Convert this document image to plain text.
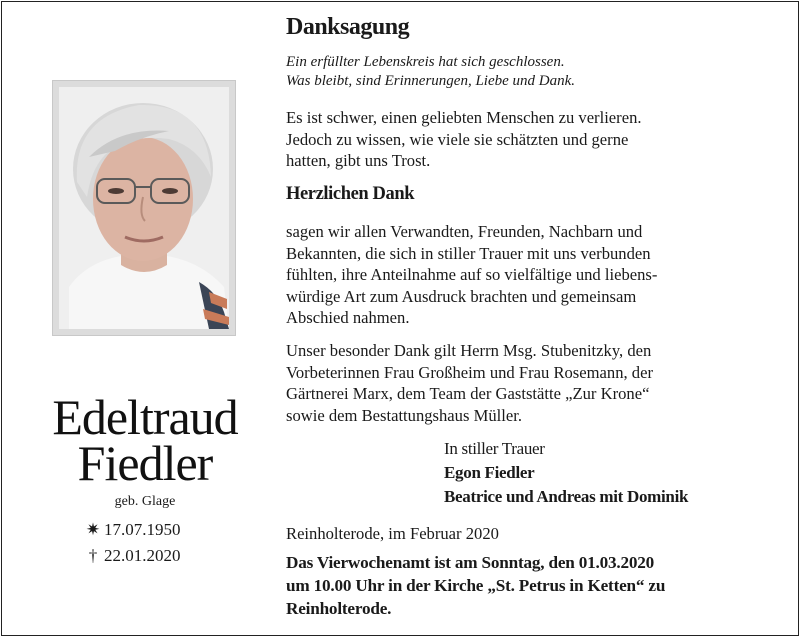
Edeltraud
Fiedler
geb. Glage
✷ 17.07.1950
† 22.01.2020
Danksagung
Ein erfüllter Lebenskreis hat sich geschlossen.
Was bleibt, sind Erinnerungen, Liebe und Dank.
Es ist schwer, einen geliebten Menschen zu verlieren.
Jedoch zu wissen, wie viele sie schätzten und gerne
hatten, gibt uns Trost.
Herzlichen Dank
sagen wir allen Verwandten, Freunden, Nachbarn und
Bekannten, die sich in stiller Trauer mit uns verbunden
fühlten, ihre Anteilnahme auf so vielfältige und liebens-
würdige Art zum Ausdruck brachten und gemeinsam
Abschied nahmen.
Unser besonder Dank gilt Herrn Msg. Stubenitzky, den
Vorbeterinnen Frau Großheim und Frau Rosemann, der
Gärtnerei Marx, dem Team der Gaststätte „Zur Krone“
sowie dem Bestattungshaus Müller.
In stiller Trauer
Egon Fiedler
Beatrice und Andreas mit Dominik
Reinholterode, im Februar 2020
Das Vierwochenamt ist am Sonntag, den 01.03.2020
um 10.00 Uhr in der Kirche „St. Petrus in Ketten“ zu
Reinholterode.
